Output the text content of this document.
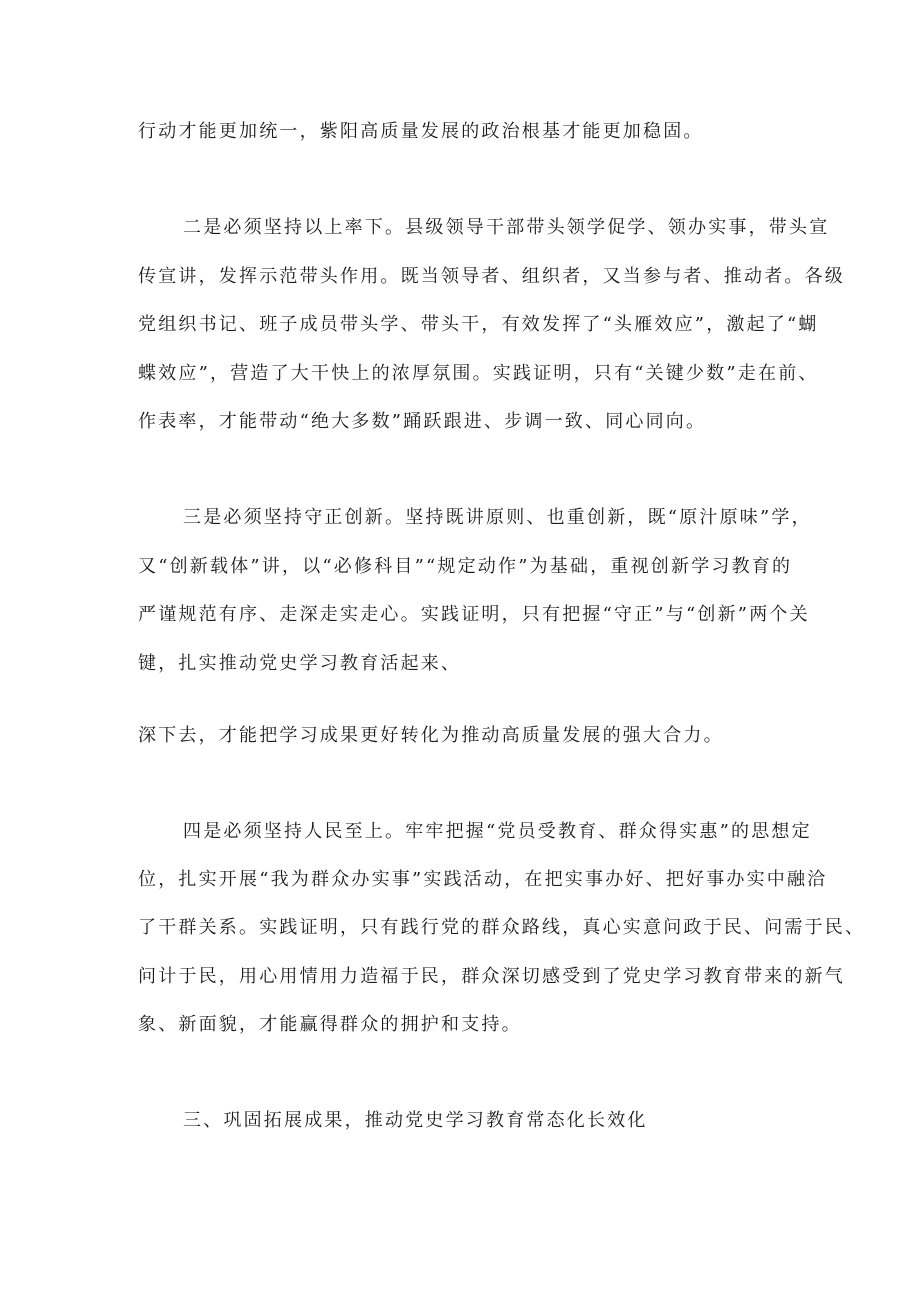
行动才能更加统一，紫阳高质量发展的政治根基才能更加稳固。
二是必须坚持以上率下。县级领导干部带头领学促学、领办实事，带头宣
传宣讲，发挥示范带头作用。既当领导者、组织者，又当参与者、推动者。各级
党组织书记、班子成员带头学、带头干，有效发挥了“头雁效应”，激起了“蝴
蝶效应”，营造了大干快上的浓厚氛围。实践证明，只有“关键少数”走在前、
作表率，才能带动“绝大多数”踊跃跟进、步调一致、同心同向。
三是必须坚持守正创新。坚持既讲原则、也重创新，既“原汁原味”学，
又“创新载体”讲，以“必修科目”“规定动作”为基础，重视创新学习教育的
严谨规范有序、走深走实走心。实践证明，只有把握“守正”与“创新”两个关
键，扎实推动党史学习教育活起来、
深下去，才能把学习成果更好转化为推动高质量发展的强大合力。
四是必须坚持人民至上。牢牢把握“党员受教育、群众得实惠”的思想定
位，扎实开展“我为群众办实事”实践活动，在把实事办好、把好事办实中融洽
了干群关系。实践证明，只有践行党的群众路线，真心实意问政于民、问需于民、
问计于民，用心用情用力造福于民，群众深切感受到了党史学习教育带来的新气
象、新面貌，才能赢得群众的拥护和支持。
三、巩固拓展成果，推动党史学习教育常态化长效化
